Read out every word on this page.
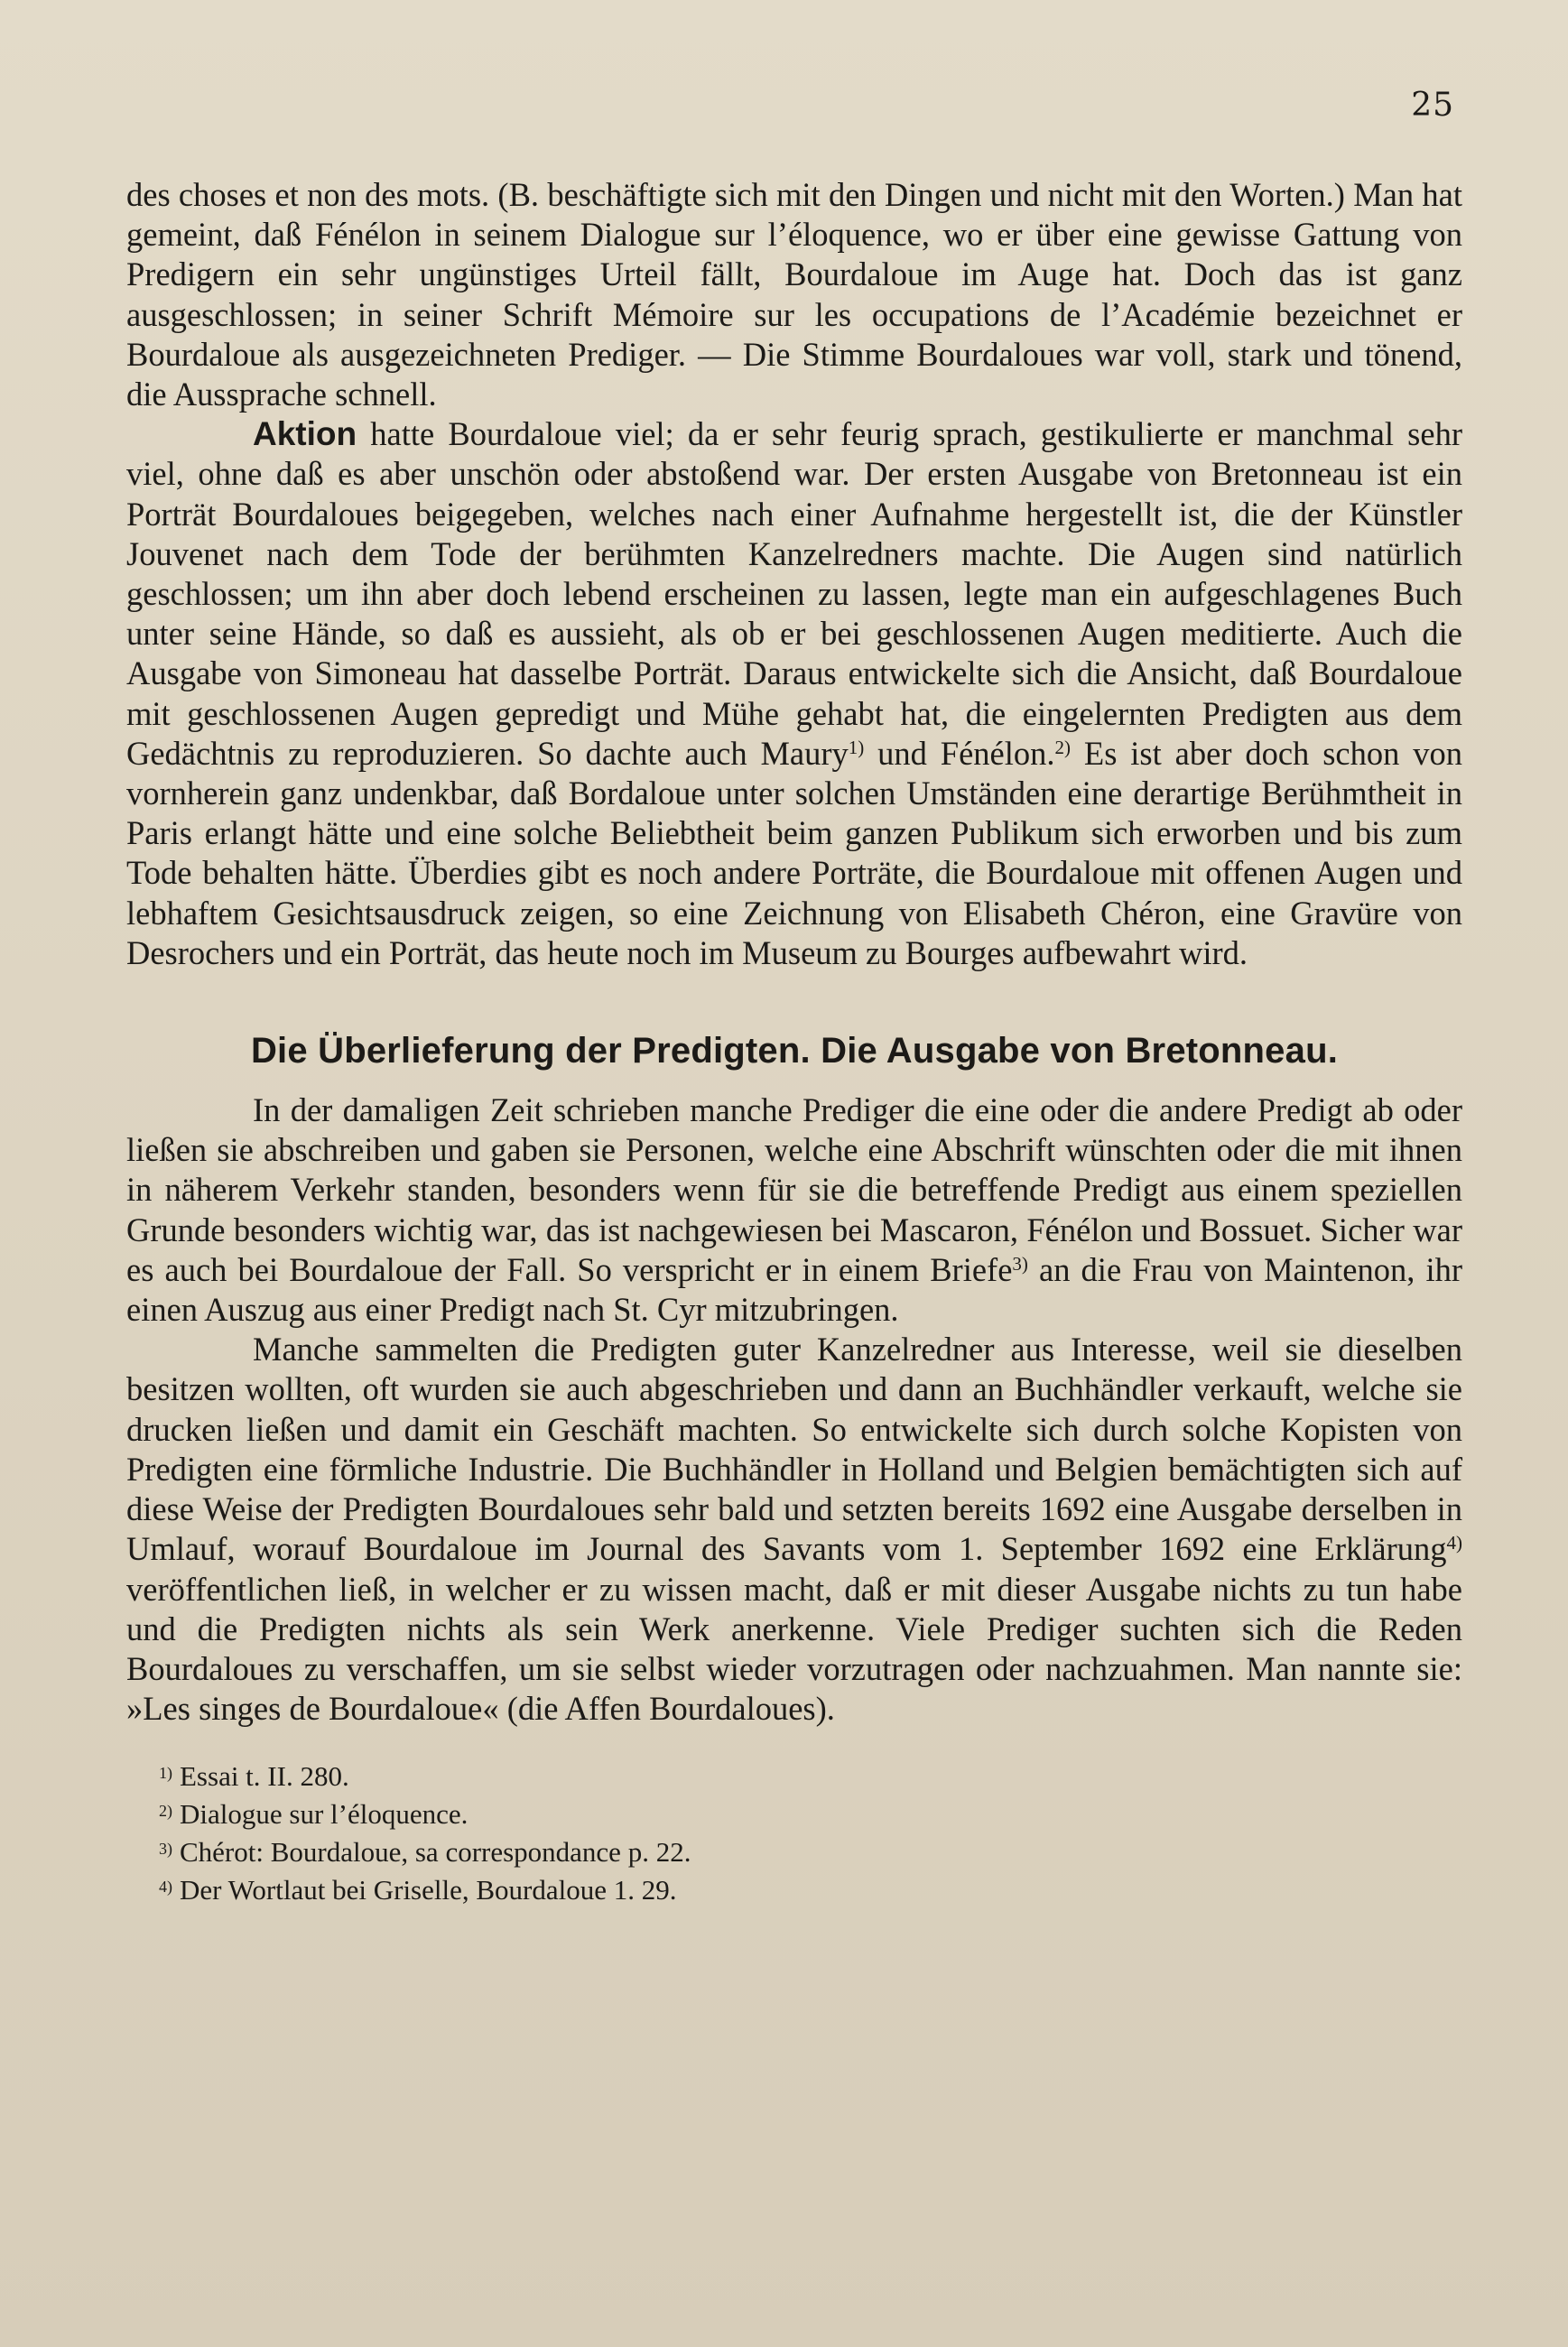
25

des choses et non des mots. (B. beschäftigte sich mit den Dingen und nicht mit den Worten.) Man hat gemeint, daß Fénélon in seinem Dialogue sur l’éloquence, wo er über eine gewisse Gattung von Predigern ein sehr ungünstiges Urteil fällt, Bourdaloue im Auge hat. Doch das ist ganz ausgeschlossen; in seiner Schrift Mémoire sur les occupations de l’Académie bezeichnet er Bourdaloue als ausgezeichneten Prediger. — Die Stimme Bourdaloues war voll, stark und tönend, die Aussprache schnell.

Aktion hatte Bourdaloue viel; da er sehr feurig sprach, gestikulierte er manchmal sehr viel, ohne daß es aber unschön oder abstoßend war. Der ersten Ausgabe von Bretonneau ist ein Porträt Bourdaloues beigegeben, welches nach einer Aufnahme hergestellt ist, die der Künstler Jouvenet nach dem Tode der berühmten Kanzelredners machte. Die Augen sind natürlich geschlossen; um ihn aber doch lebend erscheinen zu lassen, legte man ein aufgeschlagenes Buch unter seine Hände, so daß es aussieht, als ob er bei geschlossenen Augen meditierte. Auch die Ausgabe von Simoneau hat dasselbe Porträt. Daraus entwickelte sich die Ansicht, daß Bourdaloue mit geschlossenen Augen gepredigt und Mühe gehabt hat, die eingelernten Predigten aus dem Gedächtnis zu reproduzieren. So dachte auch Maury$^{1)}$ und Fénélon.$^{2)}$ Es ist aber doch schon von vornherein ganz undenkbar, daß Bordaloue unter solchen Umständen eine derartige Berühmtheit in Paris erlangt hätte und eine solche Beliebtheit beim ganzen Publikum sich erworben und bis zum Tode behalten hätte. Überdies gibt es noch andere Porträte, die Bourdaloue mit offenen Augen und lebhaftem Gesichtsausdruck zeigen, so eine Zeichnung von Elisabeth Chéron, eine Gravüre von Desrochers und ein Porträt, das heute noch im Museum zu Bourges aufbewahrt wird.

Die Überlieferung der Predigten. Die Ausgabe von Bretonneau.

In der damaligen Zeit schrieben manche Prediger die eine oder die andere Predigt ab oder ließen sie abschreiben und gaben sie Personen, welche eine Abschrift wünschten oder die mit ihnen in näherem Verkehr standen, besonders wenn für sie die betreffende Predigt aus einem speziellen Grunde besonders wichtig war, das ist nachgewiesen bei Mascaron, Fénélon und Bossuet. Sicher war es auch bei Bourdaloue der Fall. So verspricht er in einem Briefe$^{3)}$ an die Frau von Maintenon, ihr einen Auszug aus einer Predigt nach St. Cyr mitzubringen.

Manche sammelten die Predigten guter Kanzelredner aus Interesse, weil sie dieselben besitzen wollten, oft wurden sie auch abgeschrieben und dann an Buchhändler verkauft, welche sie drucken ließen und damit ein Geschäft machten. So entwickelte sich durch solche Kopisten von Predigten eine förmliche Industrie. Die Buchhändler in Holland und Belgien bemächtigten sich auf diese Weise der Predigten Bourdaloues sehr bald und setzten bereits 1692 eine Ausgabe derselben in Umlauf, worauf Bourdaloue im Journal des Savants vom 1. September 1692 eine Erklärung$^{4)}$ veröffentlichen ließ, in welcher er zu wissen macht, daß er mit dieser Ausgabe nichts zu tun habe und die Predigten nichts als sein Werk anerkenne. Viele Prediger suchten sich die Reden Bourdaloues zu verschaffen, um sie selbst wieder vorzutragen oder nachzuahmen. Man nannte sie: »Les singes de Bourdaloue« (die Affen Bourdaloues).

$^{1)}$ Essai t. II. 280.

$^{2)}$ Dialogue sur l’éloquence.

$^{3)}$ Chérot: Bourdaloue, sa correspondance p. 22.

$^{4)}$ Der Wortlaut bei Griselle, Bourdaloue 1. 29.
